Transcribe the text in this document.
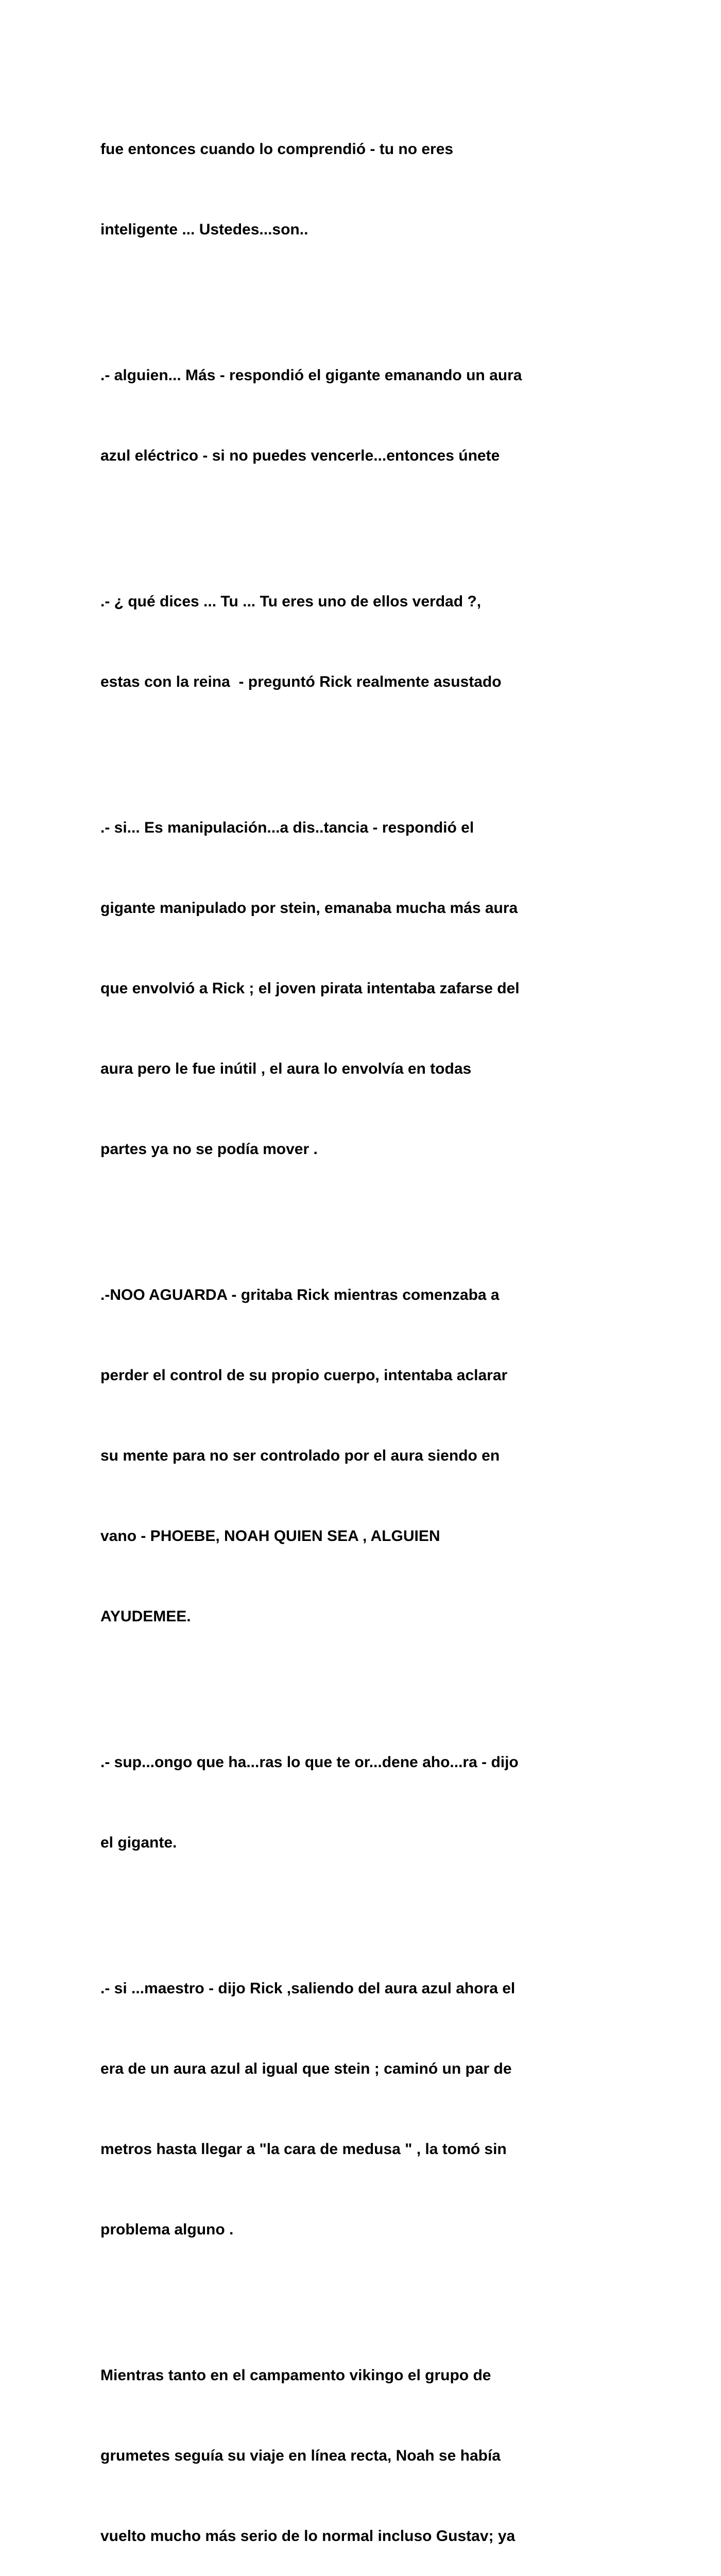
fue entonces cuando lo comprendió - tu no eres

inteligente ... Ustedes...son..

.- alguien... Más - respondió el gigante emanando un aura

azul eléctrico - si no puedes vencerle...entonces únete

.- ¿ qué dices ... Tu ... Tu eres uno de ellos verdad ?,

estas con la reina  - preguntó Rick realmente asustado

.- si... Es manipulación...a dis..tancia - respondió el

gigante manipulado por stein, emanaba mucha más aura

que envolvió a Rick ; el joven pirata intentaba zafarse del

aura pero le fue inútil , el aura lo envolvía en todas

partes ya no se podía mover .

.-NOO AGUARDA - gritaba Rick mientras comenzaba a

perder el control de su propio cuerpo, intentaba aclarar

su mente para no ser controlado por el aura siendo en

vano - PHOEBE, NOAH QUIEN SEA , ALGUIEN

AYUDEMEE.

.- sup...ongo que ha...ras lo que te or...dene aho...ra - dijo

el gigante.

.- si ...maestro - dijo Rick ,saliendo del aura azul ahora el

era de un aura azul al igual que stein ; caminó un par de

metros hasta llegar a "la cara de medusa " , la tomó sin

problema alguno .

Mientras tanto en el campamento vikingo el grupo de

grumetes seguía su viaje en línea recta, Noah se había

vuelto mucho más serio de lo normal incluso Gustav; ya
